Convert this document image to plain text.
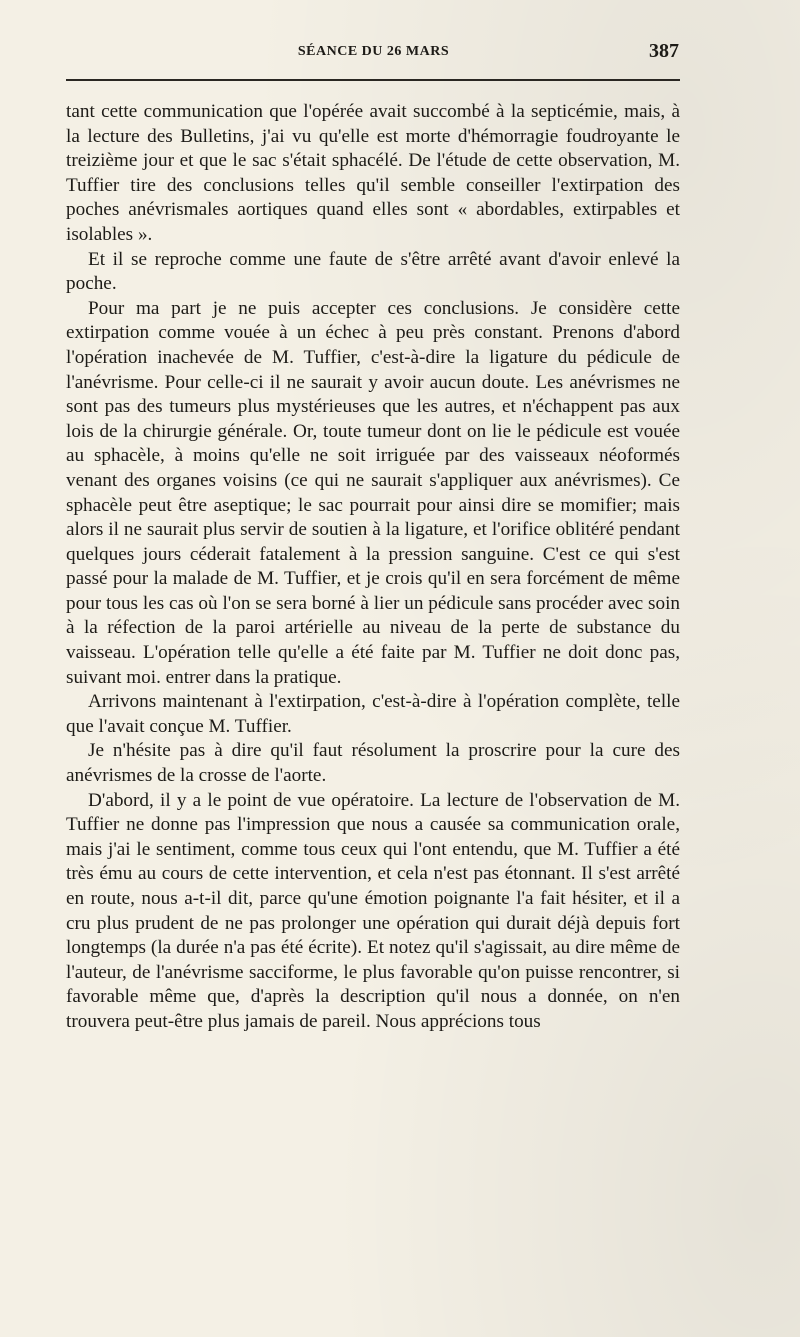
SÉANCE DU 26 MARS	387

tant cette communication que l'opérée avait succombé à la septicémie, mais, à la lecture des Bulletins, j'ai vu qu'elle est morte d'hémorragie foudroyante le treizième jour et que le sac s'était sphacélé. De l'étude de cette observation, M. Tuffier tire des conclusions telles qu'il semble conseiller l'extirpation des poches anévrismales aortiques quand elles sont « abordables, extirpables et isolables ».

Et il se reproche comme une faute de s'être arrêté avant d'avoir enlevé la poche.

Pour ma part je ne puis accepter ces conclusions. Je considère cette extirpation comme vouée à un échec à peu près constant. Prenons d'abord l'opération inachevée de M. Tuffier, c'est-à-dire la ligature du pédicule de l'anévrisme. Pour celle-ci il ne saurait y avoir aucun doute. Les anévrismes ne sont pas des tumeurs plus mystérieuses que les autres, et n'échappent pas aux lois de la chirurgie générale. Or, toute tumeur dont on lie le pédicule est vouée au sphacèle, à moins qu'elle ne soit irriguée par des vaisseaux néoformés venant des organes voisins (ce qui ne saurait s'appliquer aux anévrismes). Ce sphacèle peut être aseptique; le sac pourrait pour ainsi dire se momifier; mais alors il ne saurait plus servir de soutien à la ligature, et l'orifice oblitéré pendant quelques jours céderait fatalement à la pression sanguine. C'est ce qui s'est passé pour la malade de M. Tuffier, et je crois qu'il en sera forcément de même pour tous les cas où l'on se sera borné à lier un pédicule sans procéder avec soin à la réfection de la paroi artérielle au niveau de la perte de substance du vaisseau. L'opération telle qu'elle a été faite par M. Tuffier ne doit donc pas, suivant moi. entrer dans la pratique.

Arrivons maintenant à l'extirpation, c'est-à-dire à l'opération complète, telle que l'avait conçue M. Tuffier.

Je n'hésite pas à dire qu'il faut résolument la proscrire pour la cure des anévrismes de la crosse de l'aorte.

D'abord, il y a le point de vue opératoire. La lecture de l'observation de M. Tuffier ne donne pas l'impression que nous a causée sa communication orale, mais j'ai le sentiment, comme tous ceux qui l'ont entendu, que M. Tuffier a été très ému au cours de cette intervention, et cela n'est pas étonnant. Il s'est arrêté en route, nous a-t-il dit, parce qu'une émotion poignante l'a fait hésiter, et il a cru plus prudent de ne pas prolonger une opération qui durait déjà depuis fort longtemps (la durée n'a pas été écrite). Et notez qu'il s'agissait, au dire même de l'auteur, de l'anévrisme sacciforme, le plus favorable qu'on puisse rencontrer, si favorable même que, d'après la description qu'il nous a donnée, on n'en trouvera peut-être plus jamais de pareil. Nous apprécions tous
